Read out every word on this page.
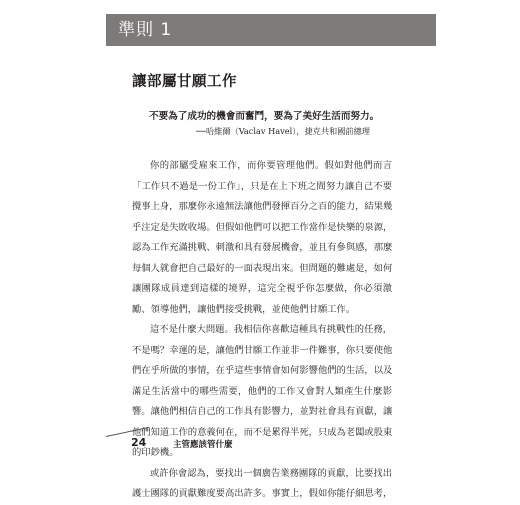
準則 1
讓部屬甘願工作
不要為了成功的機會而奮鬥，要為了美好生活而努力。
──哈維爾（Vaclav Havel），捷克共和國前總理
你的部屬受雇來工作，而你要管理他們。假如對他們而言
「工作只不過是一份工作」，只是在上下班之間努力讓自己不要
攪事上身，那麼你永遠無法讓他們發揮百分之百的能力，結果幾
乎注定是失敗收場。但假如他們可以把工作當作是快樂的泉源，
認為工作充滿挑戰、刺激和具有發展機會，並且有參與感，那麼
每個人就會把自己最好的一面表現出來。但問題的難處是，如何
讓團隊成員達到這樣的境界，這完全視乎你怎麼做，你必須激
勵、領導他們，讓他們接受挑戰，並使他們甘願工作。
這不是什麼大問題。我相信你喜歡這種具有挑戰性的任務，
不是嗎？幸運的是，讓他們甘願工作並非一件難事，你只要使他
們在乎所做的事情，在乎這些事情會如何影響他們的生活，以及
滿足生活當中的哪些需要，他們的工作又會對人類產生什麼影
響。讓他們相信自己的工作具有影響力，並對社會具有貢獻，讓
他們知道工作的意義何在，而不是累得半死，只成為老闆或股東
的印鈔機。
或許你會認為，要找出一個廣告業務團隊的貢獻，比要找出
護士團隊的貢獻難度要高出許多。事實上，假如你能仔細思考，
24	主管應該管什麼
